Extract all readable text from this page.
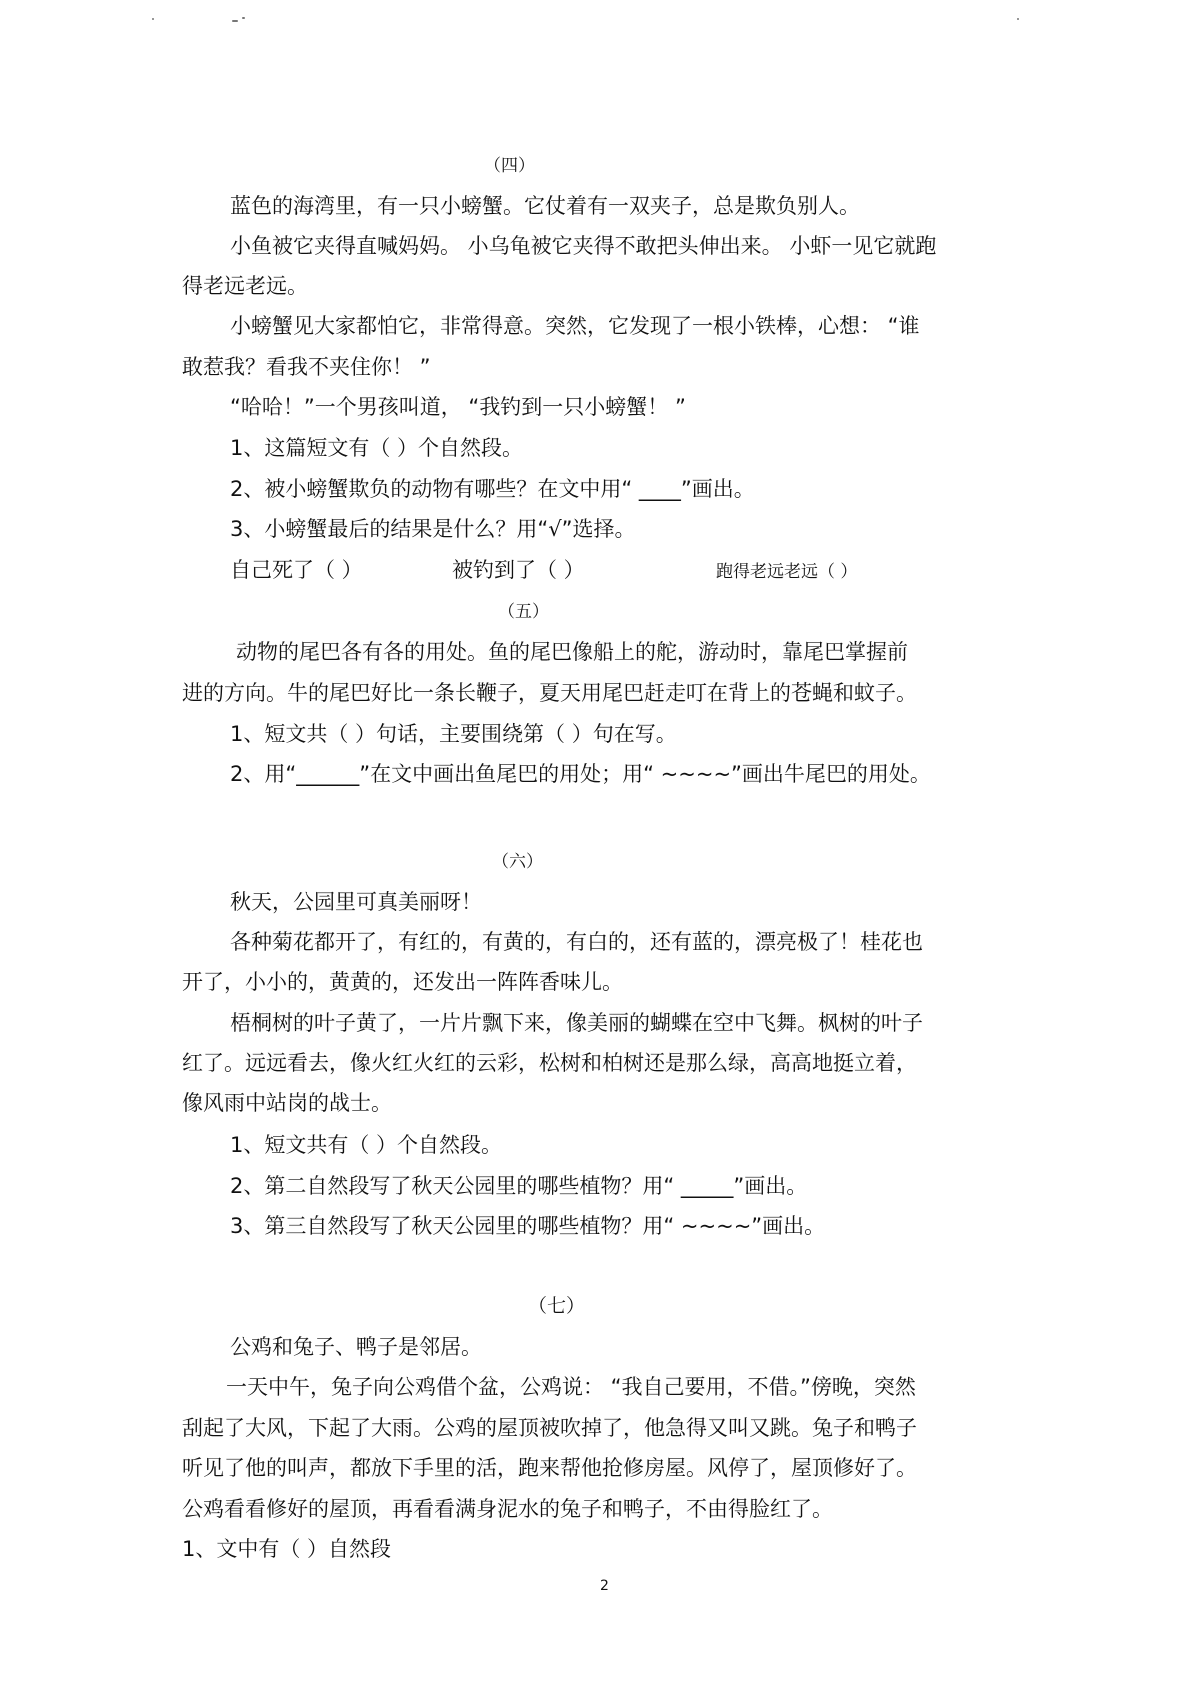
（四）

蓝色的海湾里，有一只小螃蟹。它仗着有一双夹子，总是欺负别人。

小鱼被它夹得直喊妈妈。 小乌龟被它夹得不敢把头伸出来。 小虾一见它就跑

得老远老远。

小螃蟹见大家都怕它，非常得意。突然，它发现了一根小铁棒，心想： “谁

敢惹我？看我不夹住你！ ”

“哈哈！”一个男孩叫道， “我钓到一只小螃蟹！ ”

1、这篇短文有（ ）个自然段。

2、被小螃蟹欺负的动物有哪些？在文中用“ ____”画出。

3、小螃蟹最后的结果是什么？用“√”选择。

自己死了（ ）	被钓到了（ ）	跑得老远老远（ ）

（五）

动物的尾巴各有各的用处。鱼的尾巴像船上的舵，游动时，靠尾巴掌握前

进的方向。牛的尾巴好比一条长鞭子，夏天用尾巴赶走叮在背上的苍蝇和蚊子。

1、短文共（ ）句话，主要围绕第（ ）句在写。

2、用“______”在文中画出鱼尾巴的用处；用“ ~~~~”画出牛尾巴的用处。

（六）

秋天，公园里可真美丽呀！

各种菊花都开了，有红的，有黄的，有白的，还有蓝的，漂亮极了！桂花也

开了，小小的，黄黄的，还发出一阵阵香味儿。

梧桐树的叶子黄了，一片片飘下来，像美丽的蝴蝶在空中飞舞。枫树的叶子

红了。远远看去，像火红火红的云彩，松树和柏树还是那么绿，高高地挺立着，

像风雨中站岗的战士。

1、短文共有（ ）个自然段。

2、第二自然段写了秋天公园里的哪些植物？用“ _____”画出。

3、第三自然段写了秋天公园里的哪些植物？用“ ~~~~”画出。

（七）

公鸡和兔子、鸭子是邻居。

一天中午，兔子向公鸡借个盆，公鸡说： “我自己要用，不借。”傍晚，突然

刮起了大风，下起了大雨。公鸡的屋顶被吹掉了，他急得又叫又跳。兔子和鸭子

听见了他的叫声，都放下手里的活，跑来帮他抢修房屋。风停了，屋顶修好了。

公鸡看看修好的屋顶，再看看满身泥水的兔子和鸭子，不由得脸红了。

1、文中有（ ）自然段

2
